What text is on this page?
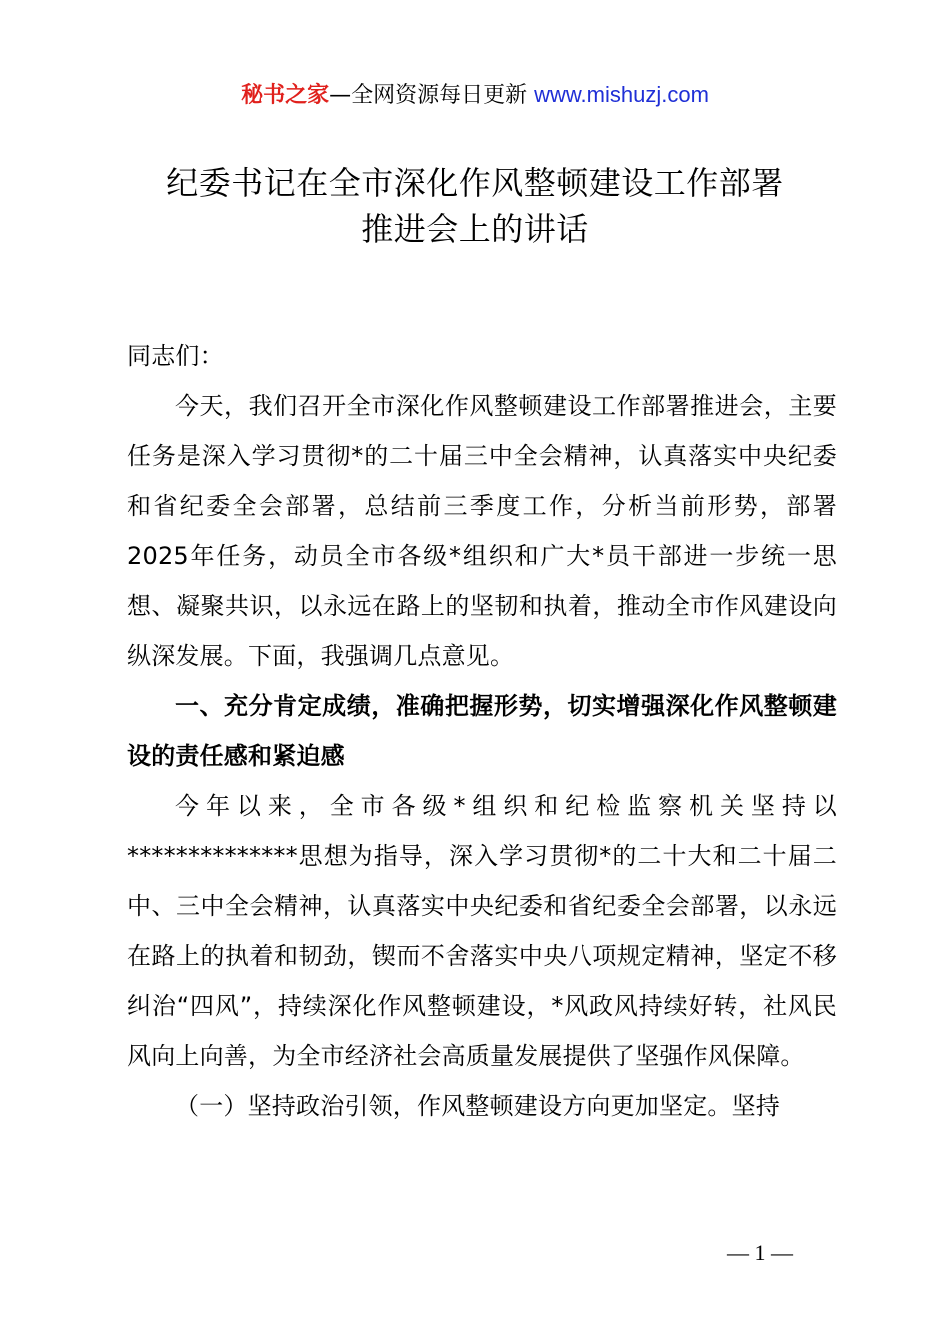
秘书之家—全网资源每日更新 www.mishuzj.com
纪委书记在全市深化作风整顿建设工作部署
推进会上的讲话

同志们：

今天，我们召开全市深化作风整顿建设工作部署推进会，主要任务是深入学习贯彻*的二十届三中全会精神，认真落实中央纪委和省纪委全会部署，总结前三季度工作，分析当前形势，部署2025年任务，动员全市各级*组织和广大*员干部进一步统一思想、凝聚共识，以永远在路上的坚韧和执着，推动全市作风建设向纵深发展。下面，我强调几点意见。

一、充分肯定成绩，准确把握形势，切实增强深化作风整顿建设的责任感和紧迫感

今年以来，全市各级*组织和纪检监察机关坚持以**************思想为指导，深入学习贯彻*的二十大和二十届二中、三中全会精神，认真落实中央纪委和省纪委全会部署，以永远在路上的执着和韧劲，锲而不舍落实中央八项规定精神，坚定不移纠治“四风”，持续深化作风整顿建设，*风政风持续好转，社风民风向上向善，为全市经济社会高质量发展提供了坚强作风保障。

（一）坚持政治引领，作风整顿建设方向更加坚定。坚持

— 1 —
